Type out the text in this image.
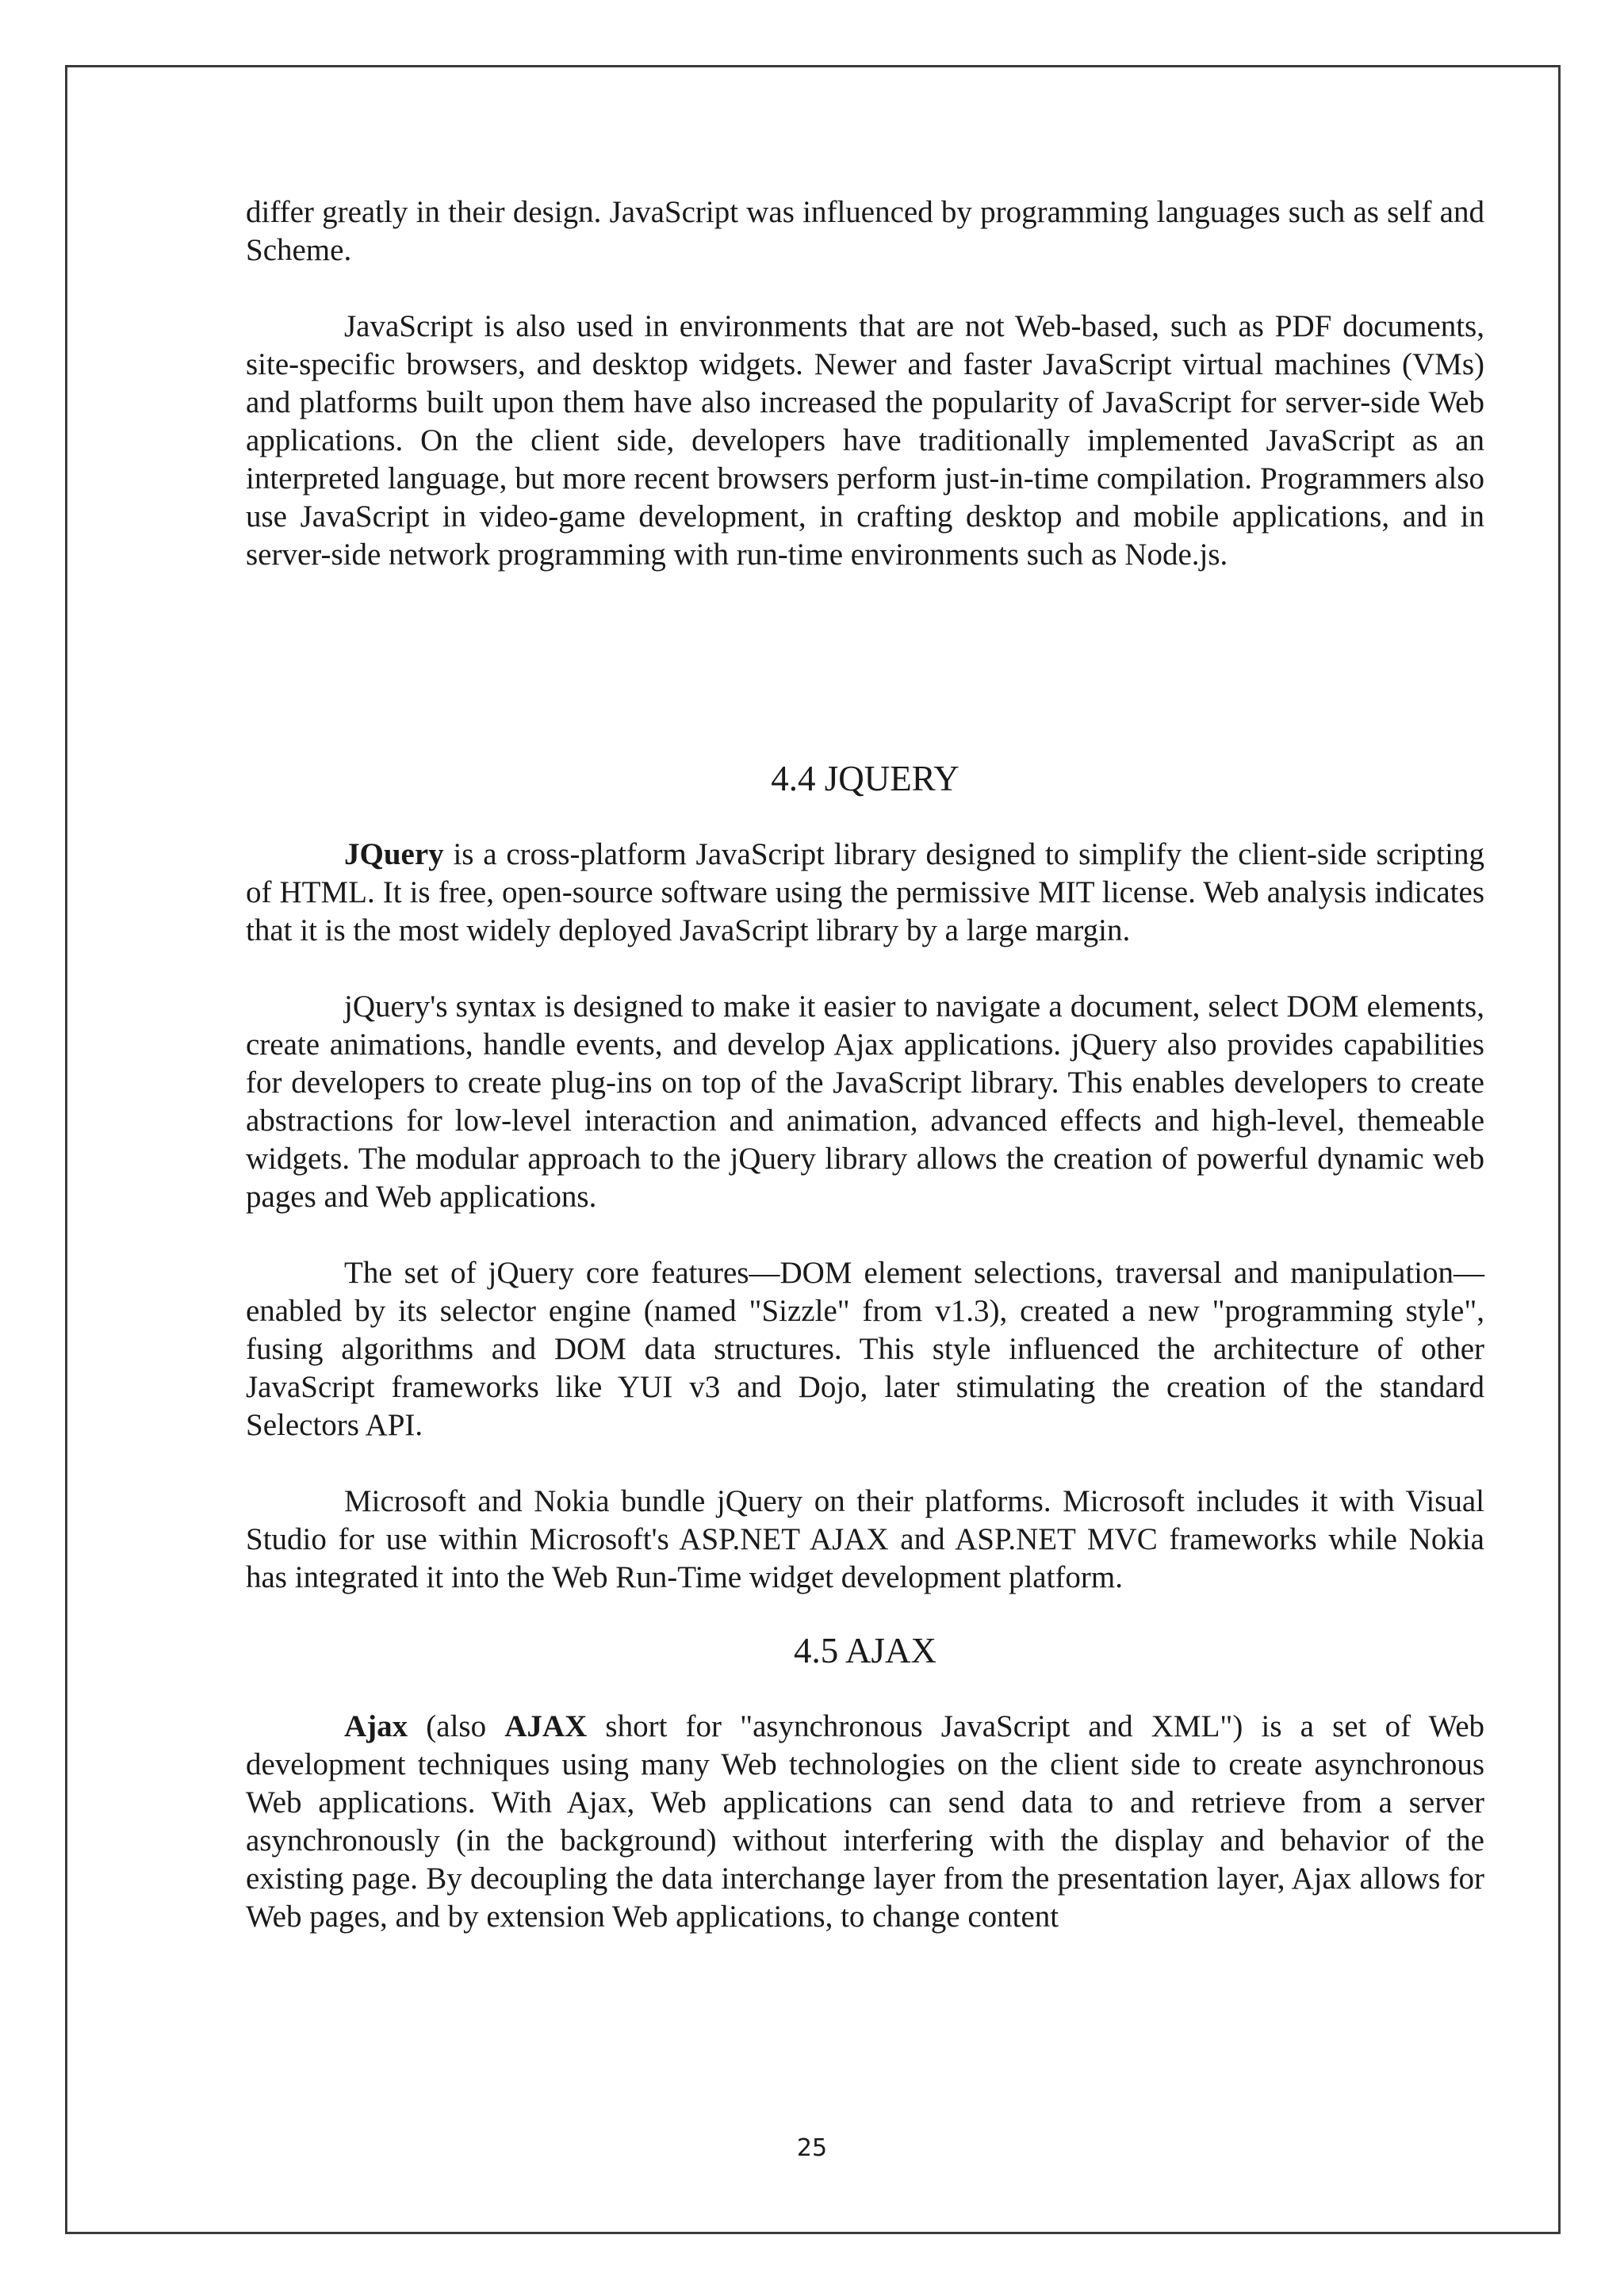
differ greatly in their design. JavaScript was influenced by programming languages such as self and Scheme.

JavaScript is also used in environments that are not Web-based, such as PDF documents, site-specific browsers, and desktop widgets. Newer and faster JavaScript virtual machines (VMs) and platforms built upon them have also increased the popularity of JavaScript for server-side Web applications. On the client side, developers have traditionally implemented JavaScript as an interpreted language, but more recent browsers perform just-in-time compilation. Programmers also use JavaScript in video-game development, in crafting desktop and mobile applications, and in server-side network programming with run-time environments such as Node.js.

4.4 JQUERY

JQuery is a cross-platform JavaScript library designed to simplify the client-side scripting of HTML. It is free, open-source software using the permissive MIT license. Web analysis indicates that it is the most widely deployed JavaScript library by a large margin.

jQuery's syntax is designed to make it easier to navigate a document, select DOM elements, create animations, handle events, and develop Ajax applications. jQuery also provides capabilities for developers to create plug-ins on top of the JavaScript library. This enables developers to create abstractions for low-level interaction and animation, advanced effects and high-level, themeable widgets. The modular approach to the jQuery library allows the creation of powerful dynamic web pages and Web applications.

The set of jQuery core features—DOM element selections, traversal and manipulation—enabled by its selector engine (named "Sizzle" from v1.3), created a new "programming style", fusing algorithms and DOM data structures. This style influenced the architecture of other JavaScript frameworks like YUI v3 and Dojo, later stimulating the creation of the standard Selectors API.

Microsoft and Nokia bundle jQuery on their platforms. Microsoft includes it with Visual Studio for use within Microsoft's ASP.NET AJAX and ASP.NET MVC frameworks while Nokia has integrated it into the Web Run-Time widget development platform.

4.5 AJAX

Ajax (also AJAX short for "asynchronous JavaScript and XML") is a set of Web development techniques using many Web technologies on the client side to create asynchronous Web applications. With Ajax, Web applications can send data to and retrieve from a server asynchronously (in the background) without interfering with the display and behavior of the existing page. By decoupling the data interchange layer from the presentation layer, Ajax allows for Web pages, and by extension Web applications, to change content

25
